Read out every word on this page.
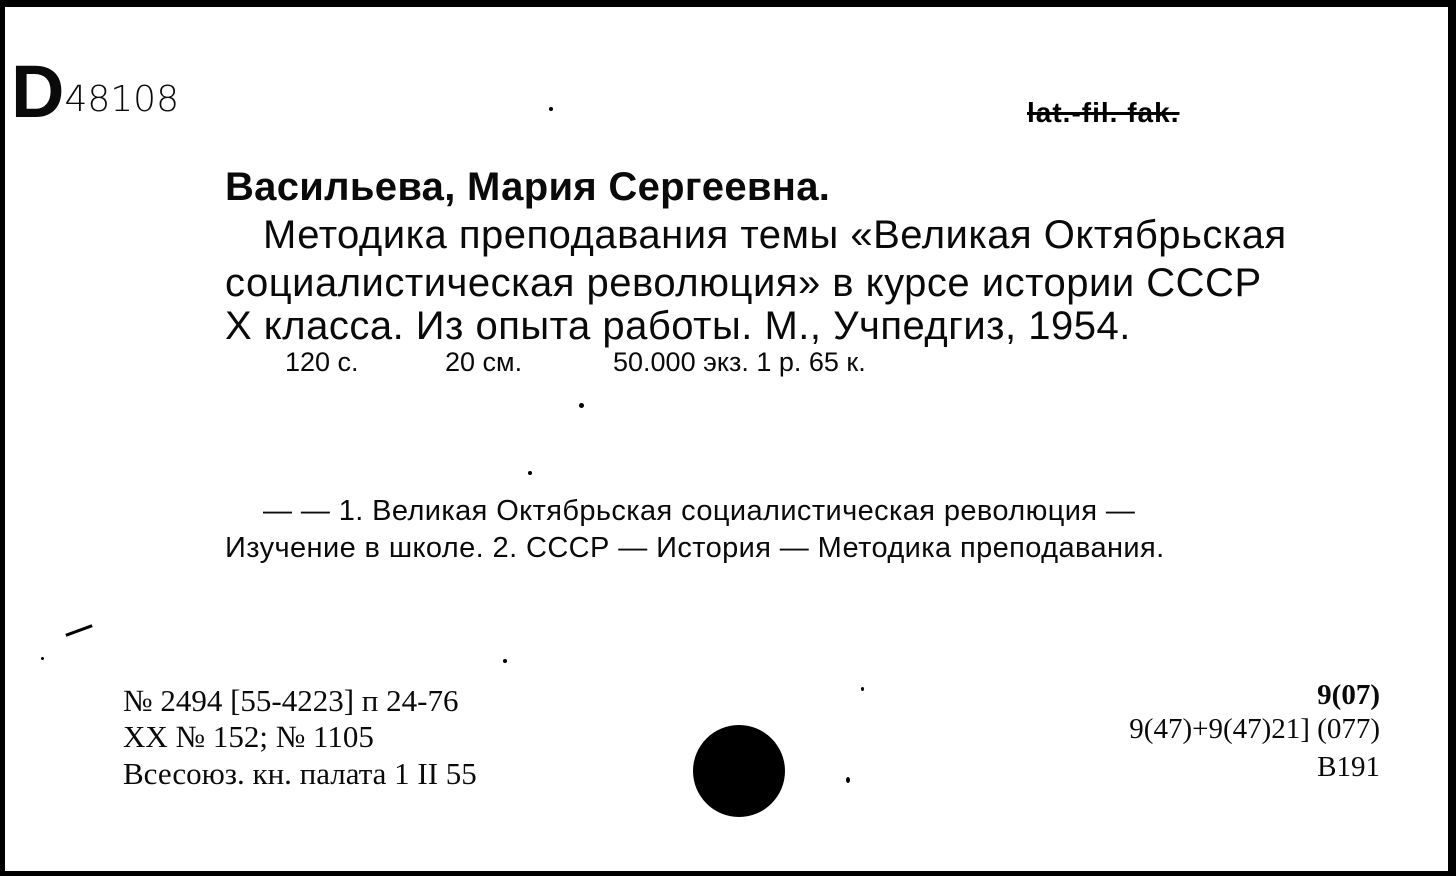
D48108	lat.-fil. fak.
Васильева, Мария Сергеевна.
Методика преподавания темы «Великая Октябрьская
социалистическая революция» в курсе истории СССР
X класса. Из опыта работы. М., Учпедгиз, 1954.
120 с.	20 см.	50.000 экз. 1 р. 65 к.
— — 1. Великая Октябрьская социалистическая революция —
Изучение в школе. 2. СССР — История — Методика преподавания.
№ 2494 [55-4223] п 24-76
XX № 152; № 1105
Всесоюз. кн. палата 1 II 55
9(07)
9(47)+9(47)21] (077)
B191
